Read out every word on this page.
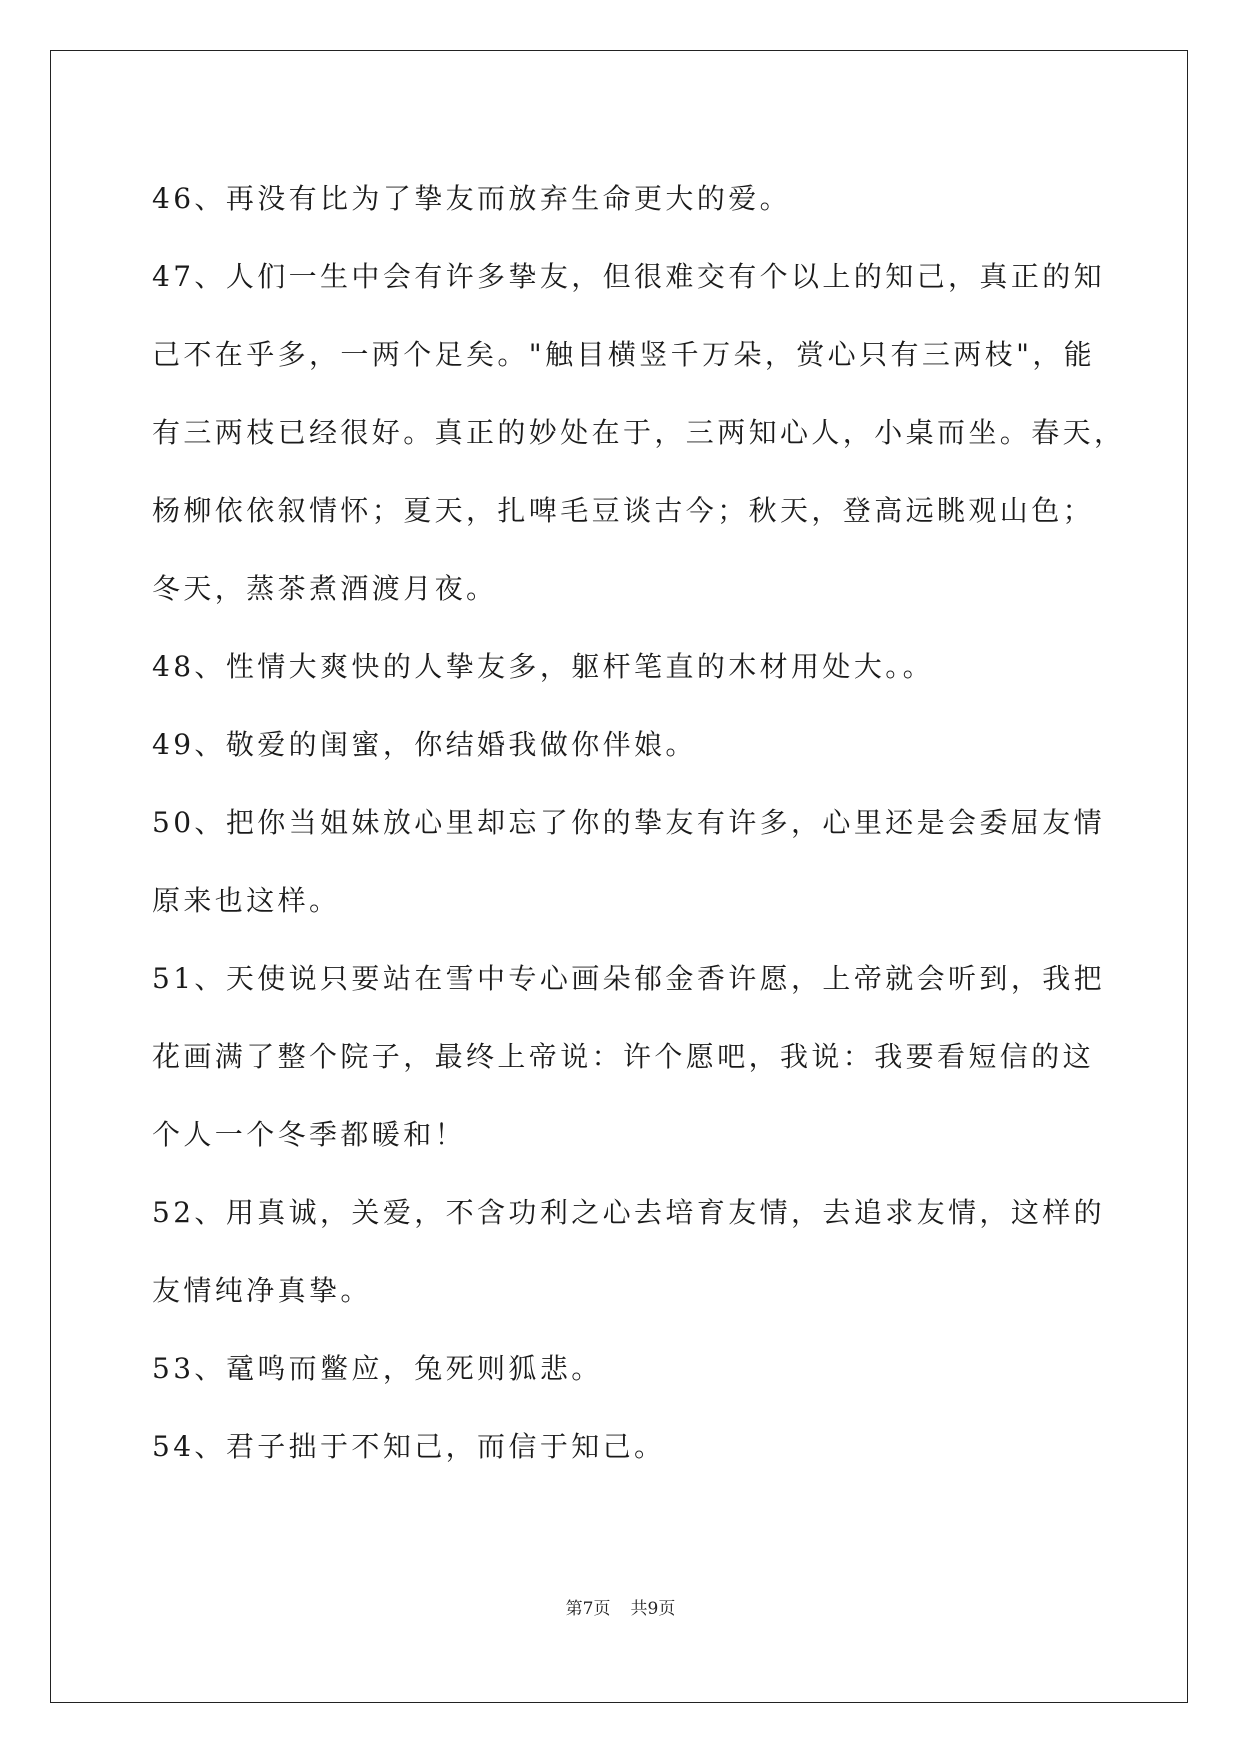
46、再没有比为了挚友而放弃生命更大的爱。
47、人们一生中会有许多挚友，但很难交有个以上的知己，真正的知
己不在乎多，一两个足矣。"触目横竖千万朵，赏心只有三两枝"，能
有三两枝已经很好。真正的妙处在于，三两知心人，小桌而坐。春天，
杨柳依依叙情怀；夏天，扎啤毛豆谈古今；秋天，登高远眺观山色；
冬天，蒸茶煮酒渡月夜。
48、性情大爽快的人挚友多，躯杆笔直的木材用处大。。
49、敬爱的闺蜜，你结婚我做你伴娘。
50、把你当姐妹放心里却忘了你的挚友有许多，心里还是会委屈友情
原来也这样。
51、天使说只要站在雪中专心画朵郁金香许愿，上帝就会听到，我把
花画满了整个院子，最终上帝说：许个愿吧，我说：我要看短信的这
个人一个冬季都暖和！
52、用真诚，关爱，不含功利之心去培育友情，去追求友情，这样的
友情纯净真挚。
53、鼋鸣而鳖应，兔死则狐悲。
54、君子拙于不知己，而信于知己。
第7页 共9页
